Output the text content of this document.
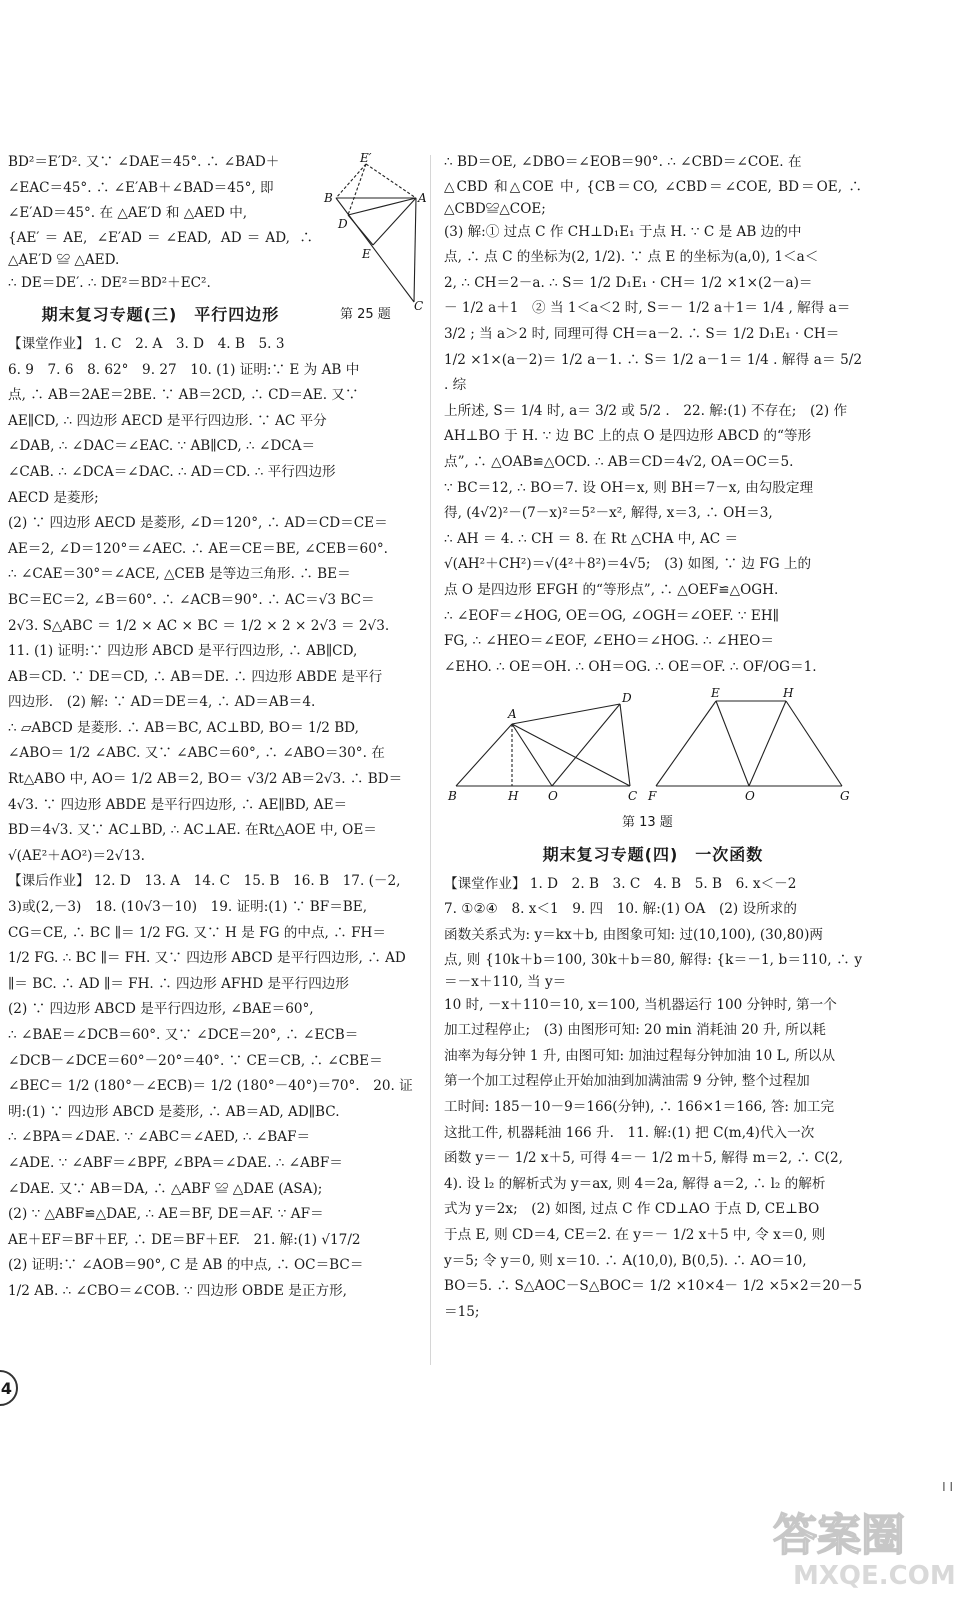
BD²＝E′D². 又∵ ∠DAE＝45°. ∴ ∠BAD＋
∠EAC＝45°. ∴ ∠E′AB＋∠BAD＝45°, 即
∠E′AD＝45°. 在 △AE′D 和 △AED 中,
{AE′＝AE, ∠E′AD＝∠EAD, AD＝AD, ∴ △AE′D ≌ △AED.
∴ DE＝DE′. ∴ DE²＝BD²＋EC².
E′
B	A
D
E
C
第 25 题
期末复习专题(三)　平行四边形
【课堂作业】 1. C　2. A　3. D　4. B　5. 3
6. 9　7. 6　8. 62°　9. 27　10. (1) 证明:∵ E 为 AB 中
点, ∴ AB＝2AE＝2BE. ∵ AB＝2CD, ∴ CD＝AE. 又∵
AE∥CD, ∴ 四边形 AECD 是平行四边形. ∵ AC 平分
∠DAB, ∴ ∠DAC＝∠EAC. ∵ AB∥CD, ∴ ∠DCA＝
∠CAB. ∴ ∠DCA＝∠DAC. ∴ AD＝CD. ∴ 平行四边形
AECD 是菱形;
(2) ∵ 四边形 AECD 是菱形, ∠D＝120°, ∴ AD＝CD＝CE＝
AE＝2, ∠D＝120°＝∠AEC. ∴ AE＝CE＝BE, ∠CEB＝60°.
∴ ∠CAE＝30°＝∠ACE, △CEB 是等边三角形. ∴ BE＝
BC＝EC＝2, ∠B＝60°. ∴ ∠ACB＝90°. ∴ AC＝√3 BC＝
2√3. S△ABC ＝ 1/2 × AC × BC ＝ 1/2 × 2 × 2√3 ＝ 2√3.
11. (1) 证明:∵ 四边形 ABCD 是平行四边形, ∴ AB∥CD,
AB＝CD. ∵ DE＝CD, ∴ AB＝DE. ∴ 四边形 ABDE 是平行
四边形.　(2) 解: ∵ AD＝DE＝4, ∴ AD＝AB＝4.
∴ ▱ABCD 是菱形. ∴ AB＝BC, AC⊥BD, BO＝ 1/2 BD,
∠ABO＝ 1/2 ∠ABC. 又∵ ∠ABC＝60°, ∴ ∠ABO＝30°. 在
Rt△ABO 中, AO＝ 1/2 AB＝2, BO＝ √3/2 AB＝2√3. ∴ BD＝
4√3. ∵ 四边形 ABDE 是平行四边形, ∴ AE∥BD, AE＝
BD＝4√3. 又∵ AC⊥BD, ∴ AC⊥AE. 在Rt△AOE 中, OE＝
√(AE²＋AO²)＝2√13.
【课后作业】 12. D　13. A　14. C　15. B　16. B　17. (－2,
3)或(2,－3)　18. (10√3－10)　19. 证明:(1) ∵ BF＝BE,
CG＝CE, ∴ BC ∥＝ 1/2 FG. 又∵ H 是 FG 的中点, ∴ FH＝
1/2 FG. ∴ BC ∥＝ FH. 又∵ 四边形 ABCD 是平行四边形, ∴ AD
∥＝ BC. ∴ AD ∥＝ FH. ∴ 四边形 AFHD 是平行四边形
(2) ∵ 四边形 ABCD 是平行四边形, ∠BAE＝60°,
∴ ∠BAE＝∠DCB＝60°. 又∵ ∠DCE＝20°, ∴ ∠ECB＝
∠DCB－∠DCE＝60°－20°＝40°. ∵ CE＝CB, ∴ ∠CBE＝
∠BEC＝ 1/2 (180°－∠ECB)＝ 1/2 (180°－40°)＝70°.　20. 证
明:(1) ∵ 四边形 ABCD 是菱形, ∴ AB＝AD, AD∥BC.
∴ ∠BPA＝∠DAE. ∵ ∠ABC＝∠AED, ∴ ∠BAF＝
∠ADE. ∵ ∠ABF＝∠BPF, ∠BPA＝∠DAE. ∴ ∠ABF＝
∠DAE. 又∵ AB＝DA, ∴ △ABF ≌ △DAE (ASA);
(2) ∵ △ABF≌△DAE, ∴ AE＝BF, DE＝AF. ∵ AF＝
AE＋EF＝BF＋EF, ∴ DE＝BF＋EF.　21. 解:(1) √17/2
(2) 证明:∵ ∠AOB＝90°, C 是 AB 的中点, ∴ OC＝BC＝
1/2 AB. ∴ ∠CBO＝∠COB. ∵ 四边形 OBDE 是正方形,
∴ BD＝OE, ∠DBO＝∠EOB＝90°. ∴ ∠CBD＝∠COE. 在
△CBD 和△COE 中, {CB＝CO, ∠CBD＝∠COE, BD＝OE, ∴ △CBD≌△COE;
(3) 解:① 过点 C 作 CH⊥D₁E₁ 于点 H. ∵ C 是 AB 边的中
点, ∴ 点 C 的坐标为(2, 1/2). ∵ 点 E 的坐标为(a,0), 1＜a＜
2, ∴ CH＝2－a. ∴ S＝ 1/2 D₁E₁ · CH＝ 1/2 ×1×(2－a)＝
－ 1/2 a＋1　② 当 1＜a＜2 时, S＝－ 1/2 a＋1＝ 1/4 , 解得 a＝
3/2 ; 当 a＞2 时, 同理可得 CH＝a－2. ∴ S＝ 1/2 D₁E₁ · CH＝
1/2 ×1×(a－2)＝ 1/2 a－1. ∴ S＝ 1/2 a－1＝ 1/4 . 解得 a＝ 5/2 . 综
上所述, S＝ 1/4 时, a＝ 3/2 或 5/2 .　22. 解:(1) 不存在;　(2) 作
AH⊥BO 于 H. ∵ 边 BC 上的点 O 是四边形 ABCD 的“等形
点”, ∴ △OAB≌△OCD. ∴ AB＝CD＝4√2, OA＝OC＝5.
∵ BC＝12, ∴ BO＝7. 设 OH＝x, 则 BH＝7－x, 由勾股定理
得, (4√2)²－(7－x)²＝5²－x², 解得, x＝3, ∴ OH＝3,
∴ AH ＝ 4. ∴ CH ＝ 8. 在 Rt △CHA 中, AC ＝
√(AH²＋CH²)＝√(4²＋8²)＝4√5;　(3) 如图, ∵ 边 FG 上的
点 O 是四边形 EFGH 的“等形点”, ∴ △OEF≌△OGH.
∴ ∠EOF＝∠HOG, OE＝OG, ∠OGH＝∠OEF. ∵ EH∥
FG, ∴ ∠HEO＝∠EOF, ∠EHO＝∠HOG. ∴ ∠HEO＝
∠EHO. ∴ OE＝OH. ∴ OH＝OG. ∴ OE＝OF. ∴ OF/OG＝1.
A
D
B	H O	C
E	H
F	O	G
第 13 题
期末复习专题(四)　一次函数
【课堂作业】 1. D　2. B　3. C　4. B　5. B　6. x＜－2
7. ①②④　8. x＜1　9. 四　10. 解:(1) OA　(2) 设所求的
函数关系式为: y＝kx＋b, 由图象可知: 过(10,100), (30,80)两
点, 则 {10k＋b＝100, 30k＋b＝80, 解得: {k＝－1, b＝110, ∴ y＝－x＋110, 当 y＝
10 时, －x＋110＝10, x＝100, 当机器运行 100 分钟时, 第一个
加工过程停止;　(3) 由图形可知: 20 min 消耗油 20 升, 所以耗
油率为每分钟 1 升, 由图可知: 加油过程每分钟加油 10 L, 所以从
第一个加工过程停止开始加油到加满油需 9 分钟, 整个过程加
工时间: 185－10－9＝166(分钟), ∴ 166×1＝166, 答: 加工完
这批工件, 机器耗油 166 升.　11. 解:(1) 把 C(m,4)代入一次
函数 y＝－ 1/2 x＋5, 可得 4＝－ 1/2 m＋5, 解得 m＝2, ∴ C(2,
4). 设 l₂ 的解析式为 y＝ax, 则 4＝2a, 解得 a＝2, ∴ l₂ 的解析
式为 y＝2x;　(2) 如图, 过点 C 作 CD⊥AO 于点 D, CE⊥BO
于点 E, 则 CD＝4, CE＝2. 在 y＝－ 1/2 x＋5 中, 令 x＝0, 则
y＝5; 令 y＝0, 则 x＝10. ∴ A(10,0), B(0,5). ∴ AO＝10,
BO＝5. ∴ S△AOC－S△BOC＝ 1/2 ×10×4－ 1/2 ×5×2＝20－5＝15;
4
I I
答案圈
MXQE.COM
